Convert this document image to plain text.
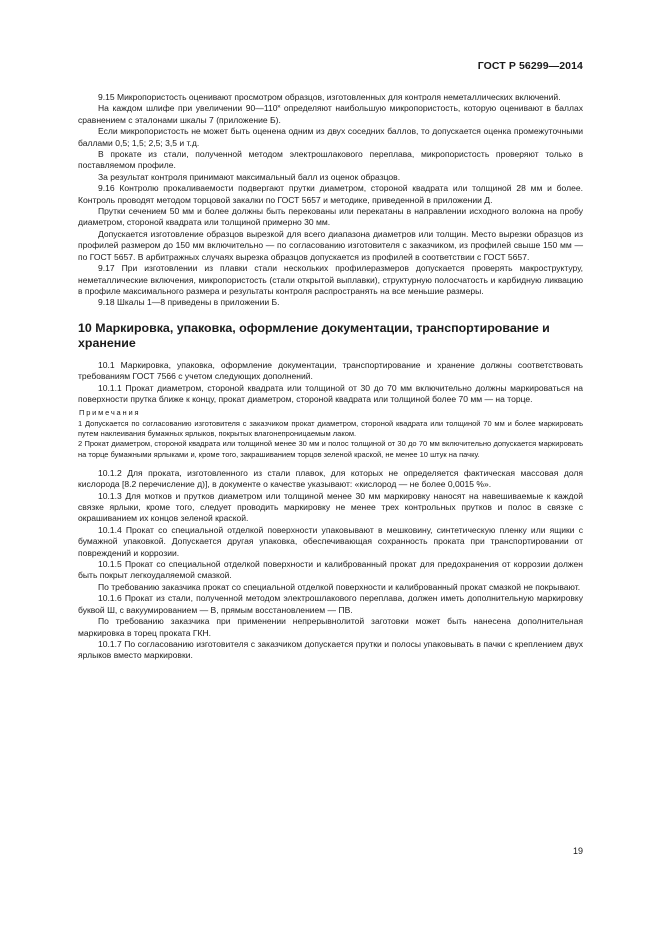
ГОСТ Р 56299—2014

9.15 Микропористость оценивают просмотром образцов, изготовленных для контроля неметаллических включений.

На каждом шлифе при увеличении 90—110˟ определяют наибольшую микропористость, которую оценивают в баллах сравнением с эталонами шкалы 7 (приложение Б).

Если микропористость не может быть оценена одним из двух соседних баллов, то допускается оценка промежуточными баллами 0,5; 1,5; 2,5; 3,5 и т.д.

В прокате из стали, полученной методом электрошлакового переплава, микропористость проверяют только в поставляемом профиле.

За результат контроля принимают максимальный балл из оценок образцов.

9.16 Контролю прокаливаемости подвергают прутки диаметром, стороной квадрата или толщиной 28 мм и более. Контроль проводят методом торцовой закалки по ГОСТ 5657 и методике, приведенной в приложении Д.

Прутки сечением 50 мм и более должны быть перекованы или перекатаны в направлении исходного волокна на пробу диаметром, стороной квадрата или толщиной примерно 30 мм.

Допускается изготовление образцов вырезкой для всего диапазона диаметров или толщин. Место вырезки образцов из профилей размером до 150 мм включительно — по согласованию изготовителя с заказчиком, из профилей свыше 150 мм — по ГОСТ 5657. В арбитражных случаях вырезка образцов допускается из профилей в соответствии с ГОСТ 5657.

9.17 При изготовлении из плавки стали нескольких профилеразмеров допускается проверять макроструктуру, неметаллические включения, микропористость (стали открытой выплавки), структурную полосчатость и карбидную ликвацию в профиле максимального размера и результаты контроля распространять на все меньшие размеры.

9.18 Шкалы 1—8 приведены в приложении Б.

10 Маркировка, упаковка, оформление документации, транспортирование и хранение

10.1 Маркировка, упаковка, оформление документации, транспортирование и хранение должны соответствовать требованиям ГОСТ 7566 с учетом следующих дополнений.

10.1.1 Прокат диаметром, стороной квадрата или толщиной от 30 до 70 мм включительно должны маркироваться на поверхности прутка ближе к концу, прокат диаметром, стороной квадрата или толщиной более 70 мм — на торце.

Примечания

1 Допускается по согласованию изготовителя с заказчиком прокат диаметром, стороной квадрата или толщиной 70 мм и более маркировать путем наклеивания бумажных ярлыков, покрытых влагонепроницаемым лаком.

2 Прокат диаметром, стороной квадрата или толщиной менее 30 мм и полос толщиной от 30 до 70 мм включительно допускается маркировать на торце бумажными ярлыками и, кроме того, закрашиванием торцов зеленой краской, не менее 10 штук на пачку.

10.1.2 Для проката, изготовленного из стали плавок, для которых не определяется фактическая массовая доля кислорода [8.2 перечисление д)], в документе о качестве указывают: «кислород — не более 0,0015 %».

10.1.3 Для мотков и прутков диаметром или толщиной менее 30 мм маркировку наносят на навешиваемые к каждой связке ярлыки, кроме того, следует проводить маркировку не менее трех контрольных прутков и полос в связке с окрашиванием их концов зеленой краской.

10.1.4 Прокат со специальной отделкой поверхности упаковывают в мешковину, синтетическую пленку или ящики с бумажной упаковкой. Допускается другая упаковка, обеспечивающая сохранность проката при транспортировании от повреждений и коррозии.

10.1.5 Прокат со специальной отделкой поверхности и калиброванный прокат для предохранения от коррозии должен быть покрыт легкоудаляемой смазкой.

По требованию заказчика прокат со специальной отделкой поверхности и калиброванный прокат смазкой не покрывают.

10.1.6 Прокат из стали, полученной методом электрошлакового переплава, должен иметь дополнительную маркировку буквой Ш, с вакуумированием — В, прямым восстановлением — ПВ.

По требованию заказчика при применении непрерывнолитой заготовки может быть нанесена дополнительная маркировка в торец проката ГКН.

10.1.7 По согласованию изготовителя с заказчиком допускается прутки и полосы упаковывать в пачки с креплением двух ярлыков вместо маркировки.

19
